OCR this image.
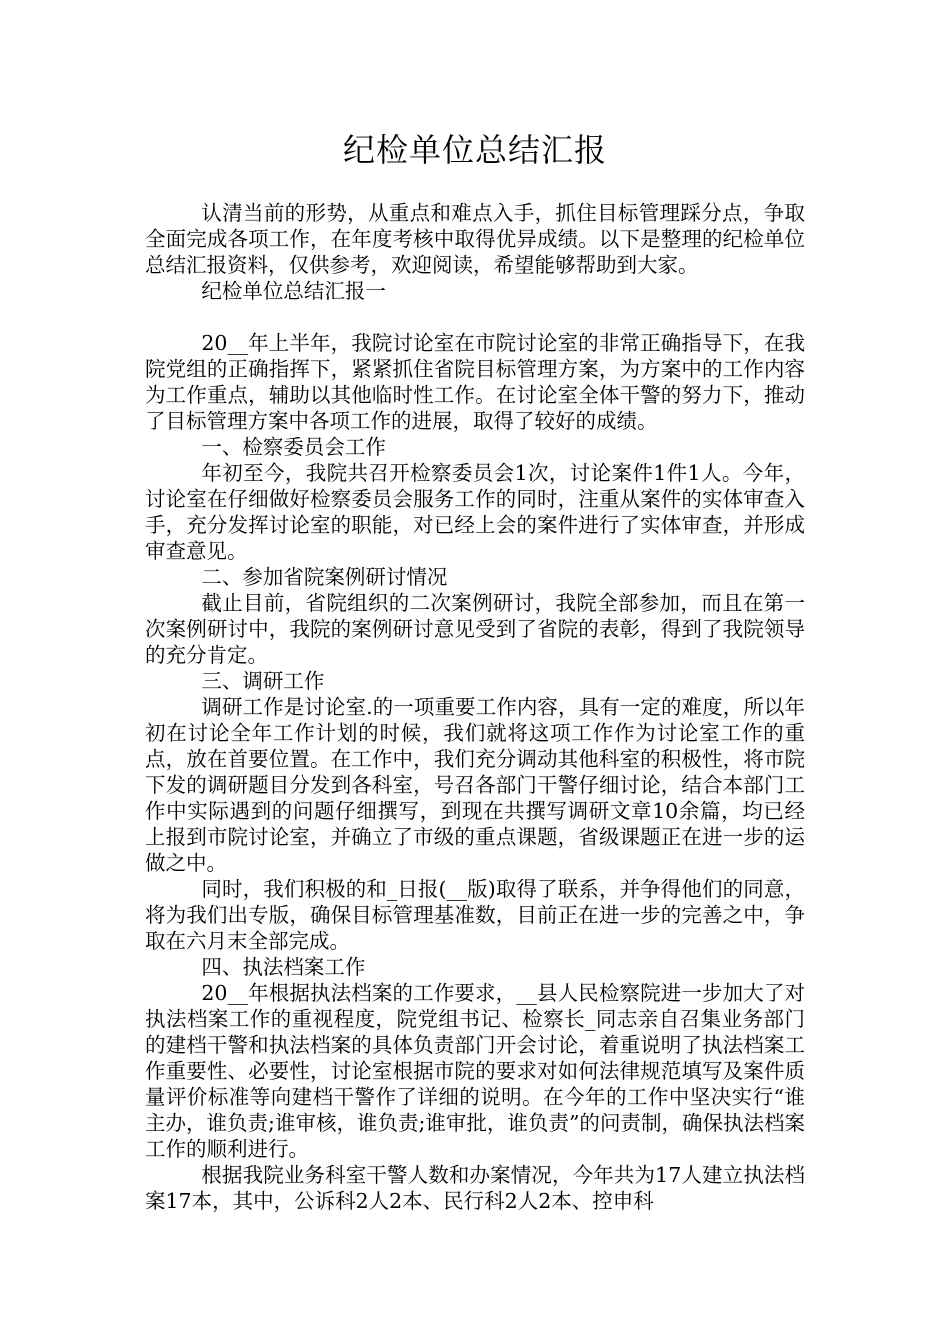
纪检单位总结汇报

认清当前的形势，从重点和难点入手，抓住目标管理踩分点，争取全面完成各项工作，在年度考核中取得优异成绩。以下是整理的纪检单位总结汇报资料，仅供参考，欢迎阅读，希望能够帮助到大家。

纪检单位总结汇报一

20__年上半年，我院讨论室在市院讨论室的非常正确指导下，在我院党组的正确指挥下，紧紧抓住省院目标管理方案，为方案中的工作内容为工作重点，辅助以其他临时性工作。在讨论室全体干警的努力下，推动了目标管理方案中各项工作的进展，取得了较好的成绩。

一、检察委员会工作

年初至今，我院共召开检察委员会1次，讨论案件1件1人。今年，讨论室在仔细做好检察委员会服务工作的同时，注重从案件的实体审查入手，充分发挥讨论室的职能，对已经上会的案件进行了实体审查，并形成审查意见。

二、参加省院案例研讨情况

截止目前，省院组织的二次案例研讨，我院全部参加，而且在第一次案例研讨中，我院的案例研讨意见受到了省院的表彰，得到了我院领导的充分肯定。

三、调研工作

调研工作是讨论室.的一项重要工作内容，具有一定的难度，所以年初在讨论全年工作计划的时候，我们就将这项工作作为讨论室工作的重点，放在首要位置。在工作中，我们充分调动其他科室的积极性，将市院下发的调研题目分发到各科室，号召各部门干警仔细讨论，结合本部门工作中实际遇到的问题仔细撰写，到现在共撰写调研文章10余篇，均已经上报到市院讨论室，并确立了市级的重点课题，省级课题正在进一步的运做之中。

同时，我们积极的和_日报(__版)取得了联系，并争得他们的同意，将为我们出专版，确保目标管理基准数，目前正在进一步的完善之中，争取在六月末全部完成。

四、执法档案工作

20__年根据执法档案的工作要求，__县人民检察院进一步加大了对执法档案工作的重视程度，院党组书记、检察长_同志亲自召集业务部门的建档干警和执法档案的具体负责部门开会讨论，着重说明了执法档案工作重要性、必要性，讨论室根据市院的要求对如何法律规范填写及案件质量评价标准等向建档干警作了详细的说明。在今年的工作中坚决实行“谁主办，谁负责;谁审核，谁负责;谁审批，谁负责”的问责制，确保执法档案工作的顺利进行。

根据我院业务科室干警人数和办案情况，今年共为17人建立执法档案17本，其中，公诉科2人2本、民行科2人2本、控申科
